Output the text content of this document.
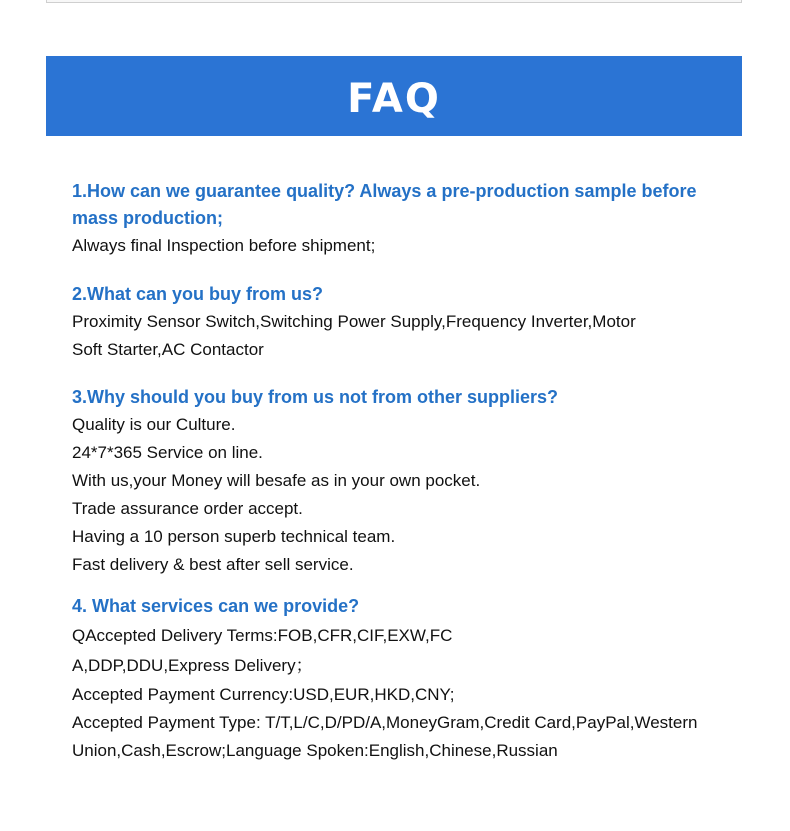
FAQ
1.How can we guarantee quality? Always a pre-production sample before
mass production;
Always final Inspection before shipment;
2.What can you buy from us?
Proximity Sensor Switch,Switching Power Supply,Frequency Inverter,Motor
Soft Starter,AC Contactor
3.Why should you buy from us not from other suppliers?
Quality is our Culture.
24*7*365 Service on line.
With us,your Money will besafe as in your own pocket.
Trade assurance order accept.
Having a 10 person superb technical team.
Fast delivery & best after sell service.
4. What services can we provide?
QAccepted Delivery Terms:FOB,CFR,CIF,EXW,FC
A,DDP,DDU,Express Delivery；
Accepted Payment Currency:USD,EUR,HKD,CNY;
Accepted Payment Type: T/T,L/C,D/PD/A,MoneyGram,Credit Card,PayPal,Western
Union,Cash,Escrow;Language Spoken:English,Chinese,Russian
